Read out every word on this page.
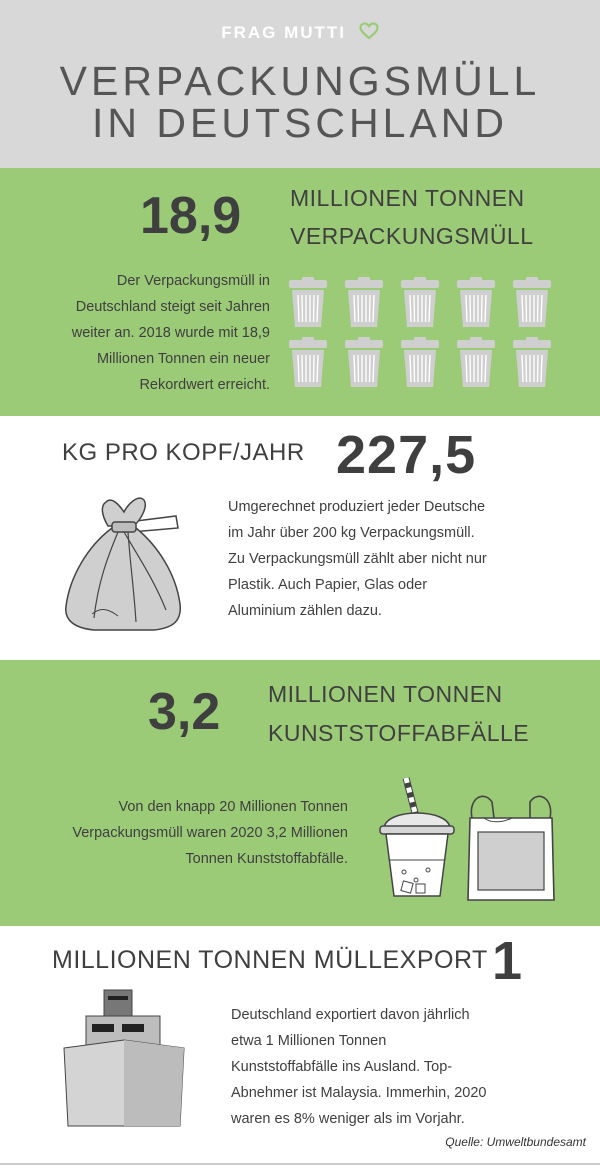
FRAG MUTTI
VERPACKUNGSMÜLL
IN DEUTSCHLAND
18,9 MILLIONEN TONNEN
VERPACKUNGSMÜLL
Der Verpackungsmüll in
Deutschland steigt seit Jahren
weiter an. 2018 wurde mit 18,9
Millionen Tonnen ein neuer
Rekordwert erreicht.
KG PRO KOPF/JAHR 227,5
Umgerechnet produziert jeder Deutsche
im Jahr über 200 kg Verpackungsmüll.
Zu Verpackungsmüll zählt aber nicht nur
Plastik. Auch Papier, Glas oder
Aluminium zählen dazu.
3,2 MILLIONEN TONNEN
KUNSTSTOFFABFÄLLE
Von den knapp 20 Millionen Tonnen
Verpackungsmüll waren 2020 3,2 Millionen
Tonnen Kunststoffabfälle.
MILLIONEN TONNEN MÜLLEXPORT 1
Deutschland exportiert davon jährlich
etwa 1 Millionen Tonnen
Kunststoffabfälle ins Ausland. Top-
Abnehmer ist Malaysia. Immerhin, 2020
waren es 8% weniger als im Vorjahr.
Quelle: Umweltbundesamt
